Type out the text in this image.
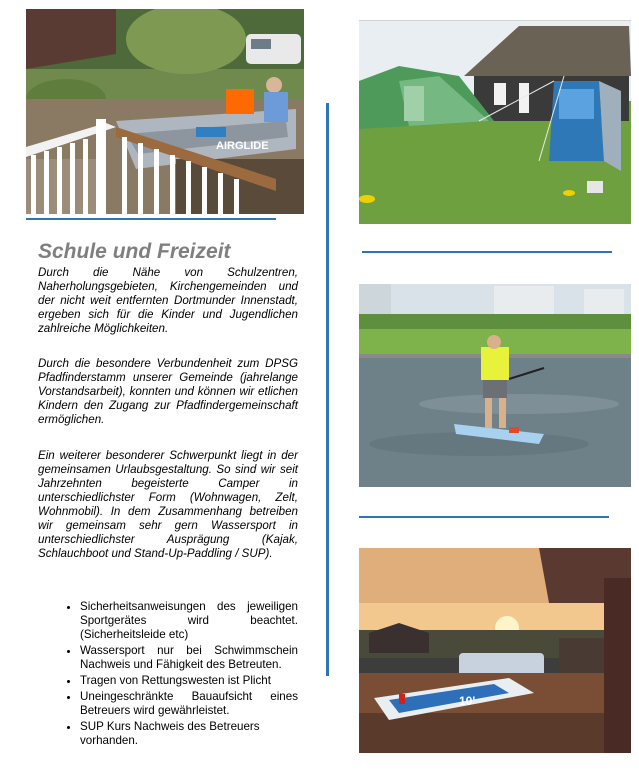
AIRGLIDE
Schule und Freizeit

Durch die Nähe von Schulzentren, Naherholungsgebieten, Kirchengemeinden und der nicht weit entfernten Dortmunder Innenstadt, ergeben sich für die Kinder und Jugendlichen zahlreiche Möglichkeiten.

Durch die besondere Verbundenheit zum DPSG Pfadfinderstamm unserer Gemeinde (jahrelange Vorstandsarbeit), konnten und können wir etlichen Kindern den Zugang zur Pfadfindergemeinschaft ermöglichen.

Ein weiterer besonderer Schwerpunkt liegt in der gemeinsamen Urlaubsgestaltung. So sind wir seit Jahrzehnten begeisterte Camper in unterschiedlichster Form (Wohnwagen, Zelt, Wohnmobil). In dem Zusammenhang betreiben wir gemeinsam sehr gern Wassersport in unterschiedlichster Ausprägung (Kajak, Schlauchboot und Stand-Up-Paddling / SUP).

• Sicherheitsanweisungen des jeweiligen Sportgerätes wird beachtet. (Sicherheitsleide etc)
• Wassersport nur bei Schwimmschein Nachweis und Fähigkeit des Betreuten.
• Tragen von Rettungswesten ist Plicht
• Uneingeschränkte Bauaufsicht eines Betreuers wird gewährleistet.
• SUP Kurs Nachweis des Betreuers vorhanden.
10'
